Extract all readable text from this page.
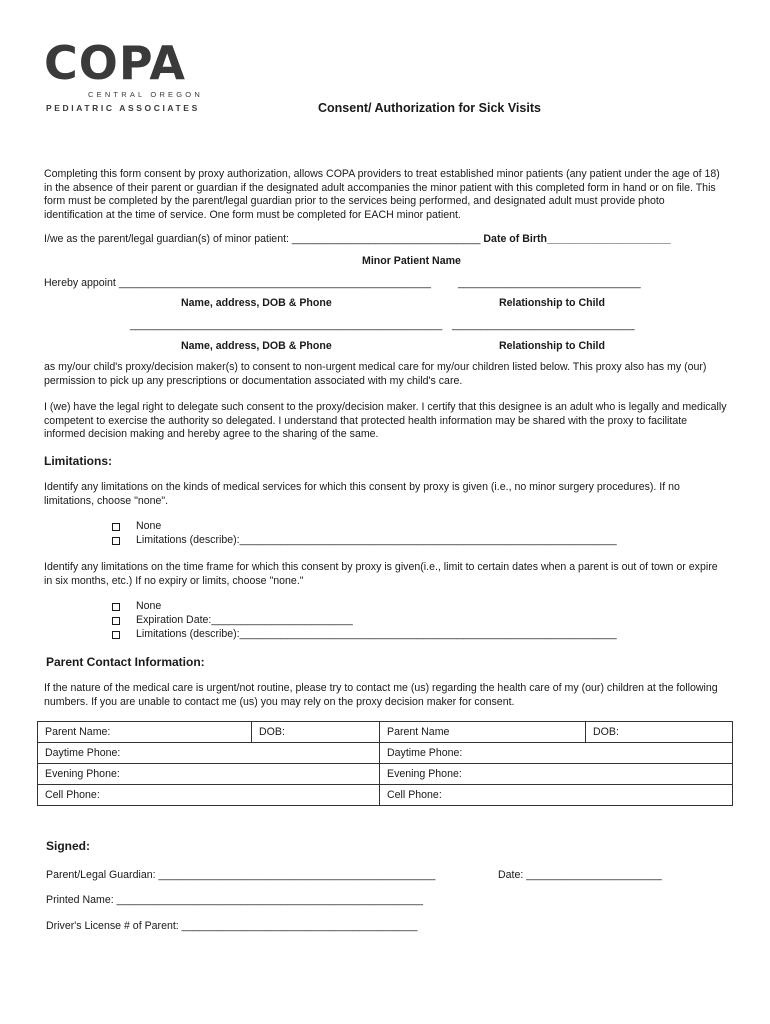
COPA
CENTRAL OREGON
PEDIATRIC ASSOCIATES	Consent/ Authorization for Sick Visits

Completing this form consent by proxy authorization, allows COPA providers to treat established minor patients (any patient under the age of 18) in the absence of their parent or guardian if the designated adult accompanies the minor patient with this completed form in hand or on file. This form must be completed by the parent/legal guardian prior to the services being performed, and designated adult must provide photo identification at the time of service. One form must be completed for EACH minor patient.

I/we as the parent/legal guardian(s) of minor patient: ________________________________ Date of Birth_____________________
Minor Patient Name
Hereby appoint _____________________________________________________	_______________________________
Name, address, DOB & Phone	Relationship to Child
_____________________________________________________ _______________________________
Name, address, DOB & Phone	Relationship to Child

as my/our child's proxy/decision maker(s) to consent to non-urgent medical care for my/our children listed below. This proxy also has my (our) permission to pick up any prescriptions or documentation associated with my child's care.

I (we) have the legal right to delegate such consent to the proxy/decision maker. I certify that this designee is an adult who is legally and medically competent to exercise the authority so delegated. I understand that protected health information may be shared with the proxy to facilitate informed decision making and hereby agree to the sharing of the same.

Limitations:

Identify any limitations on the kinds of medical services for which this consent by proxy is given (i.e., no minor surgery procedures). If no limitations, choose "none".

None
Limitations (describe):________________________________________________________________

Identify any limitations on the time frame for which this consent by proxy is given(i.e., limit to certain dates when a parent is out of town or expire in six months, etc.) If no expiry or limits, choose "none."

None
Expiration Date:________________________
Limitations (describe):________________________________________________________________
Parent Contact Information:

If the nature of the medical care is urgent/not routine, please try to contact me (us) regarding the health care of my (our) children at the following numbers. If you are unable to contact me (us) you may rely on the proxy decision maker for consent.

Parent Name:	DOB:	Parent Name	DOB:
Daytime Phone:		Daytime Phone:	
Evening Phone:		Evening Phone:	
Cell Phone:		Cell Phone:	
Signed:
Parent/Legal Guardian: _______________________________________________	Date: _______________________
Printed Name: ____________________________________________________
Driver's License # of Parent: ________________________________________
